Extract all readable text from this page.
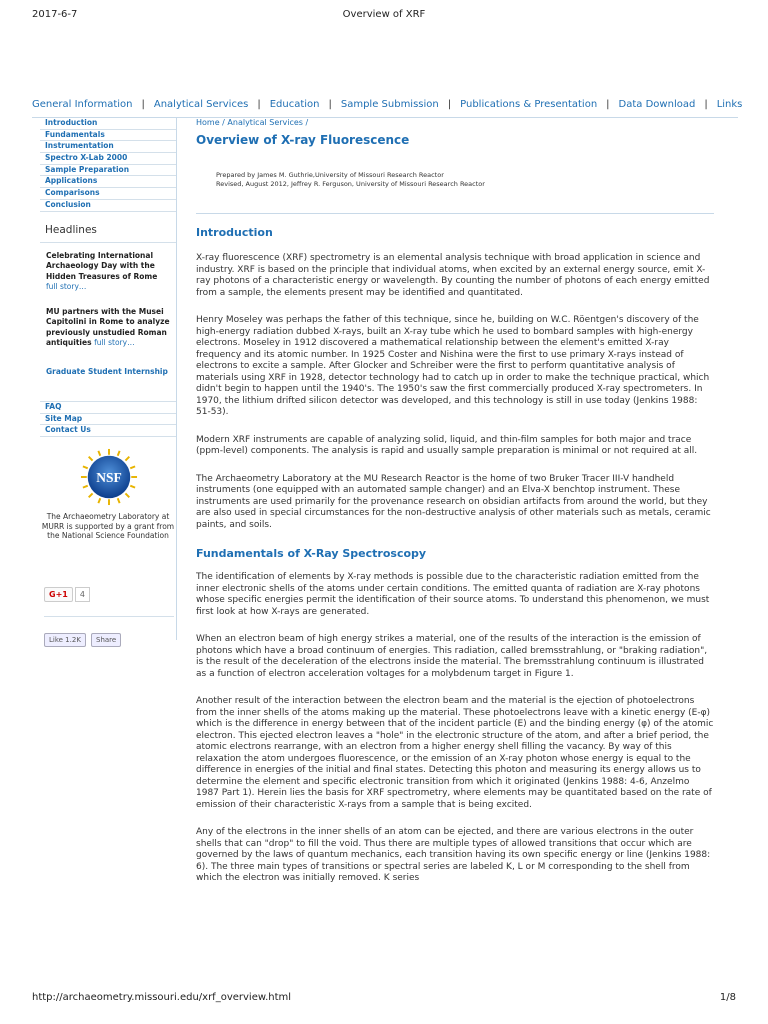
2017-6-7	Overview of XRF
General Information | Analytical Services | Education | Sample Submission | Publications & Presentation | Data Download | Links
Introduction
Fundamentals
Instrumentation
Spectro X-Lab 2000
Sample Preparation
Applications
Comparisons
Conclusion
Headlines
Celebrating International Archaeology Day with the Hidden Treasures of Rome full story…
MU partners with the Musei Capitolini in Rome to analyze previously unstudied Roman antiquities full story…
Graduate Student Internship
FAQ
Site Map
Contact Us
NSF
The Archaeometry Laboratory at MURR is supported by a grant from the National Science Foundation
G+1 4
Like 1.2K Share
Home / Analytical Services /
Overview of X-ray Fluorescence
Prepared by James M. Guthrie,University of Missouri Research Reactor
Revised, August 2012, Jeffrey R. Ferguson, University of Missouri Research Reactor
Introduction

X-ray fluorescence (XRF) spectrometry is an elemental analysis technique with broad application in science and industry. XRF is based on the principle that individual atoms, when excited by an external energy source, emit X-ray photons of a characteristic energy or wavelength. By counting the number of photons of each energy emitted from a sample, the elements present may be identified and quantitated.

Henry Moseley was perhaps the father of this technique, since he, building on W.C. Röentgen's discovery of the high-energy radiation dubbed X-rays, built an X-ray tube which he used to bombard samples with high-energy electrons. Moseley in 1912 discovered a mathematical relationship between the element's emitted X-ray frequency and its atomic number. In 1925 Coster and Nishina were the first to use primary X-rays instead of electrons to excite a sample. After Glocker and Schreiber were the first to perform quantitative analysis of materials using XRF in 1928, detector technology had to catch up in order to make the technique practical, which didn't begin to happen until the 1940's. The 1950's saw the first commercially produced X-ray spectrometers. In 1970, the lithium drifted silicon detector was developed, and this technology is still in use today (Jenkins 1988: 51-53).

Modern XRF instruments are capable of analyzing solid, liquid, and thin-film samples for both major and trace (ppm-level) components. The analysis is rapid and usually sample preparation is minimal or not required at all.

The Archaeometry Laboratory at the MU Research Reactor is the home of two Bruker Tracer III-V handheld instruments (one equipped with an automated sample changer) and an Elva-X benchtop instrument. These instruments are used primarily for the provenance research on obsidian artifacts from around the world, but they are also used in special circumstances for the non-destructive analysis of other materials such as metals, ceramic paints, and soils.

Fundamentals of X-Ray Spectroscopy

The identification of elements by X-ray methods is possible due to the characteristic radiation emitted from the inner electronic shells of the atoms under certain conditions. The emitted quanta of radiation are X-ray photons whose specific energies permit the identification of their source atoms. To understand this phenomenon, we must first look at how X-rays are generated.

When an electron beam of high energy strikes a material, one of the results of the interaction is the emission of photons which have a broad continuum of energies. This radiation, called bremsstrahlung, or "braking radiation", is the result of the deceleration of the electrons inside the material. The bremsstrahlung continuum is illustrated as a function of electron acceleration voltages for a molybdenum target in Figure 1.

Another result of the interaction between the electron beam and the material is the ejection of photoelectrons from the inner shells of the atoms making up the material. These photoelectrons leave with a kinetic energy (E-φ) which is the difference in energy between that of the incident particle (E) and the binding energy (φ) of the atomic electron. This ejected electron leaves a "hole" in the electronic structure of the atom, and after a brief period, the atomic electrons rearrange, with an electron from a higher energy shell filling the vacancy. By way of this relaxation the atom undergoes fluorescence, or the emission of an X-ray photon whose energy is equal to the difference in energies of the initial and final states. Detecting this photon and measuring its energy allows us to determine the element and specific electronic transition from which it originated (Jenkins 1988: 4-6, Anzelmo 1987 Part 1). Herein lies the basis for XRF spectrometry, where elements may be quantitated based on the rate of emission of their characteristic X-rays from a sample that is being excited.

Any of the electrons in the inner shells of an atom can be ejected, and there are various electrons in the outer shells that can "drop" to fill the void. Thus there are multiple types of allowed transitions that occur which are governed by the laws of quantum mechanics, each transition having its own specific energy or line (Jenkins 1988: 6). The three main types of transitions or spectral series are labeled K, L or M corresponding to the shell from which the electron was initially removed. K series

http://archaeometry.missouri.edu/xrf_overview.html	1/8
